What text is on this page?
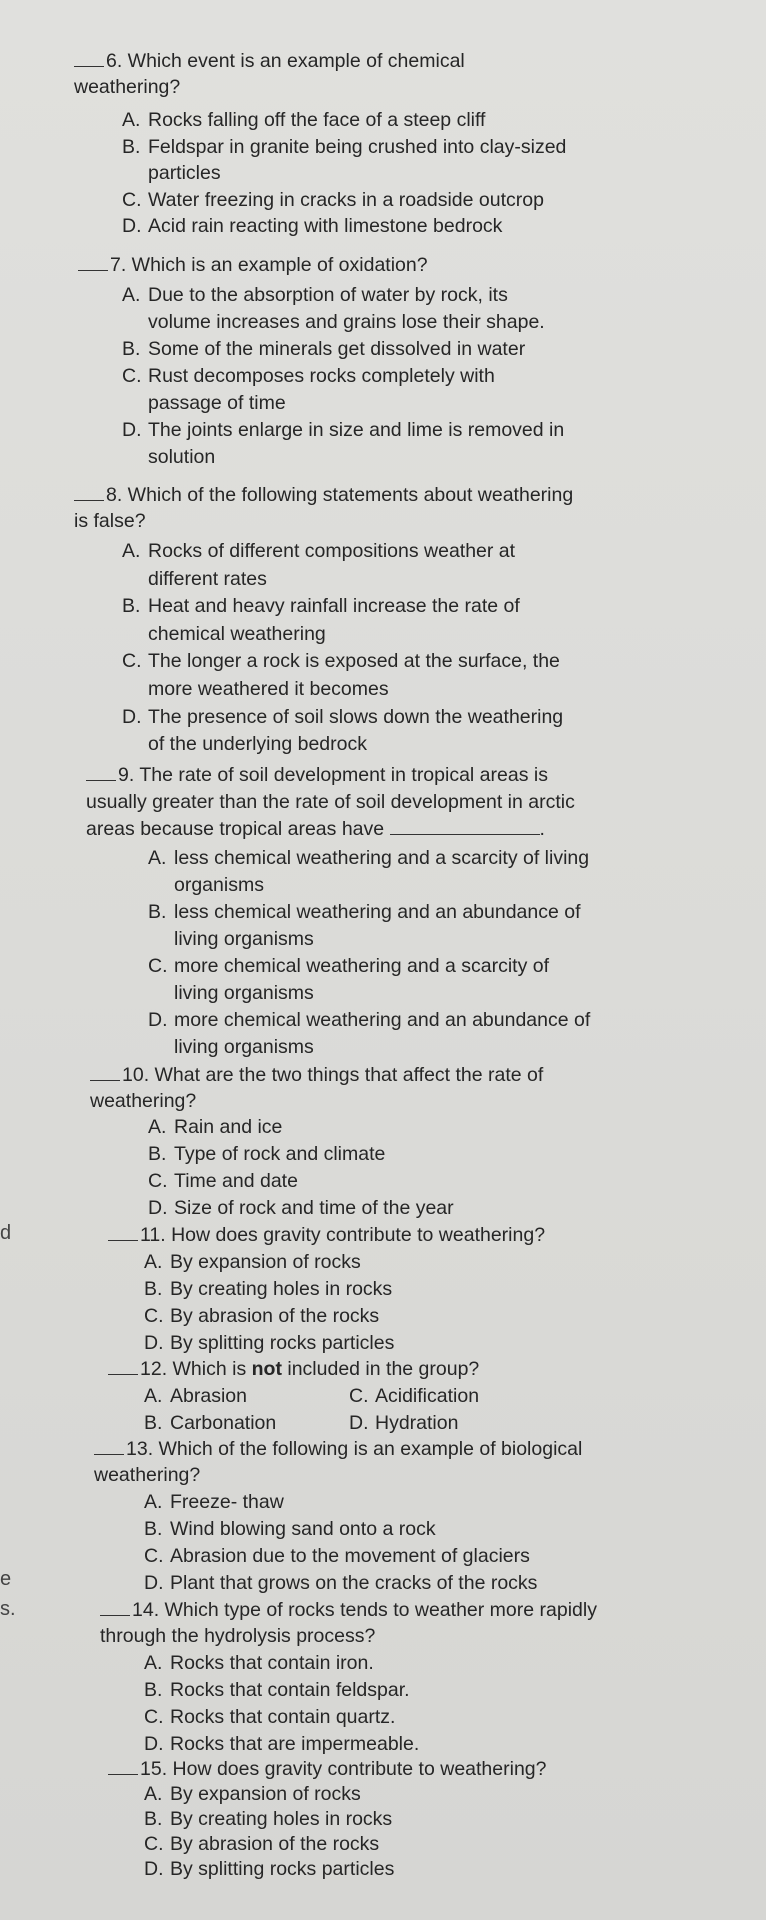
6. Which event is an example of chemical
weathering?
A. Rocks falling off the face of a steep cliff
B. Feldspar in granite being crushed into clay-sized
particles
C. Water freezing in cracks in a roadside outcrop
D. Acid rain reacting with limestone bedrock
7. Which is an example of oxidation?
A. Due to the absorption of water by rock, its
volume increases and grains lose their shape.
B. Some of the minerals get dissolved in water
C. Rust decomposes rocks completely with
passage of time
D. The joints enlarge in size and lime is removed in
solution
8. Which of the following statements about weathering
is false?
A. Rocks of different compositions weather at
different rates
B. Heat and heavy rainfall increase the rate of
chemical weathering
C. The longer a rock is exposed at the surface, the
more weathered it becomes
D. The presence of soil slows down the weathering
of the underlying bedrock
9. The rate of soil development in tropical areas is
usually greater than the rate of soil development in arctic
areas because tropical areas have	.
A. less chemical weathering and a scarcity of living
organisms
B. less chemical weathering and an abundance of
living organisms
C. more chemical weathering and a scarcity of
living organisms
D. more chemical weathering and an abundance of
living organisms
10. What are the two things that affect the rate of
weathering?
A. Rain and ice
B. Type of rock and climate
C. Time and date
D. Size of rock and time of the year
d	11. How does gravity contribute to weathering?
A. By expansion of rocks
B. By creating holes in rocks
C. By abrasion of the rocks
D. By splitting rocks particles
12. Which is not included in the group?
A. Abrasion	C. Acidification
B. Carbonation	D. Hydration
13. Which of the following is an example of biological
weathering?
A. Freeze- thaw
B. Wind blowing sand onto a rock
C. Abrasion due to the movement of glaciers
D. Plant that grows on the cracks of the rocks
e
s.	14. Which type of rocks tends to weather more rapidly
through the hydrolysis process?
A. Rocks that contain iron.
B. Rocks that contain feldspar.
C. Rocks that contain quartz.
D. Rocks that are impermeable.
15. How does gravity contribute to weathering?
A. By expansion of rocks
B. By creating holes in rocks
C. By abrasion of the rocks
D. By splitting rocks particles
